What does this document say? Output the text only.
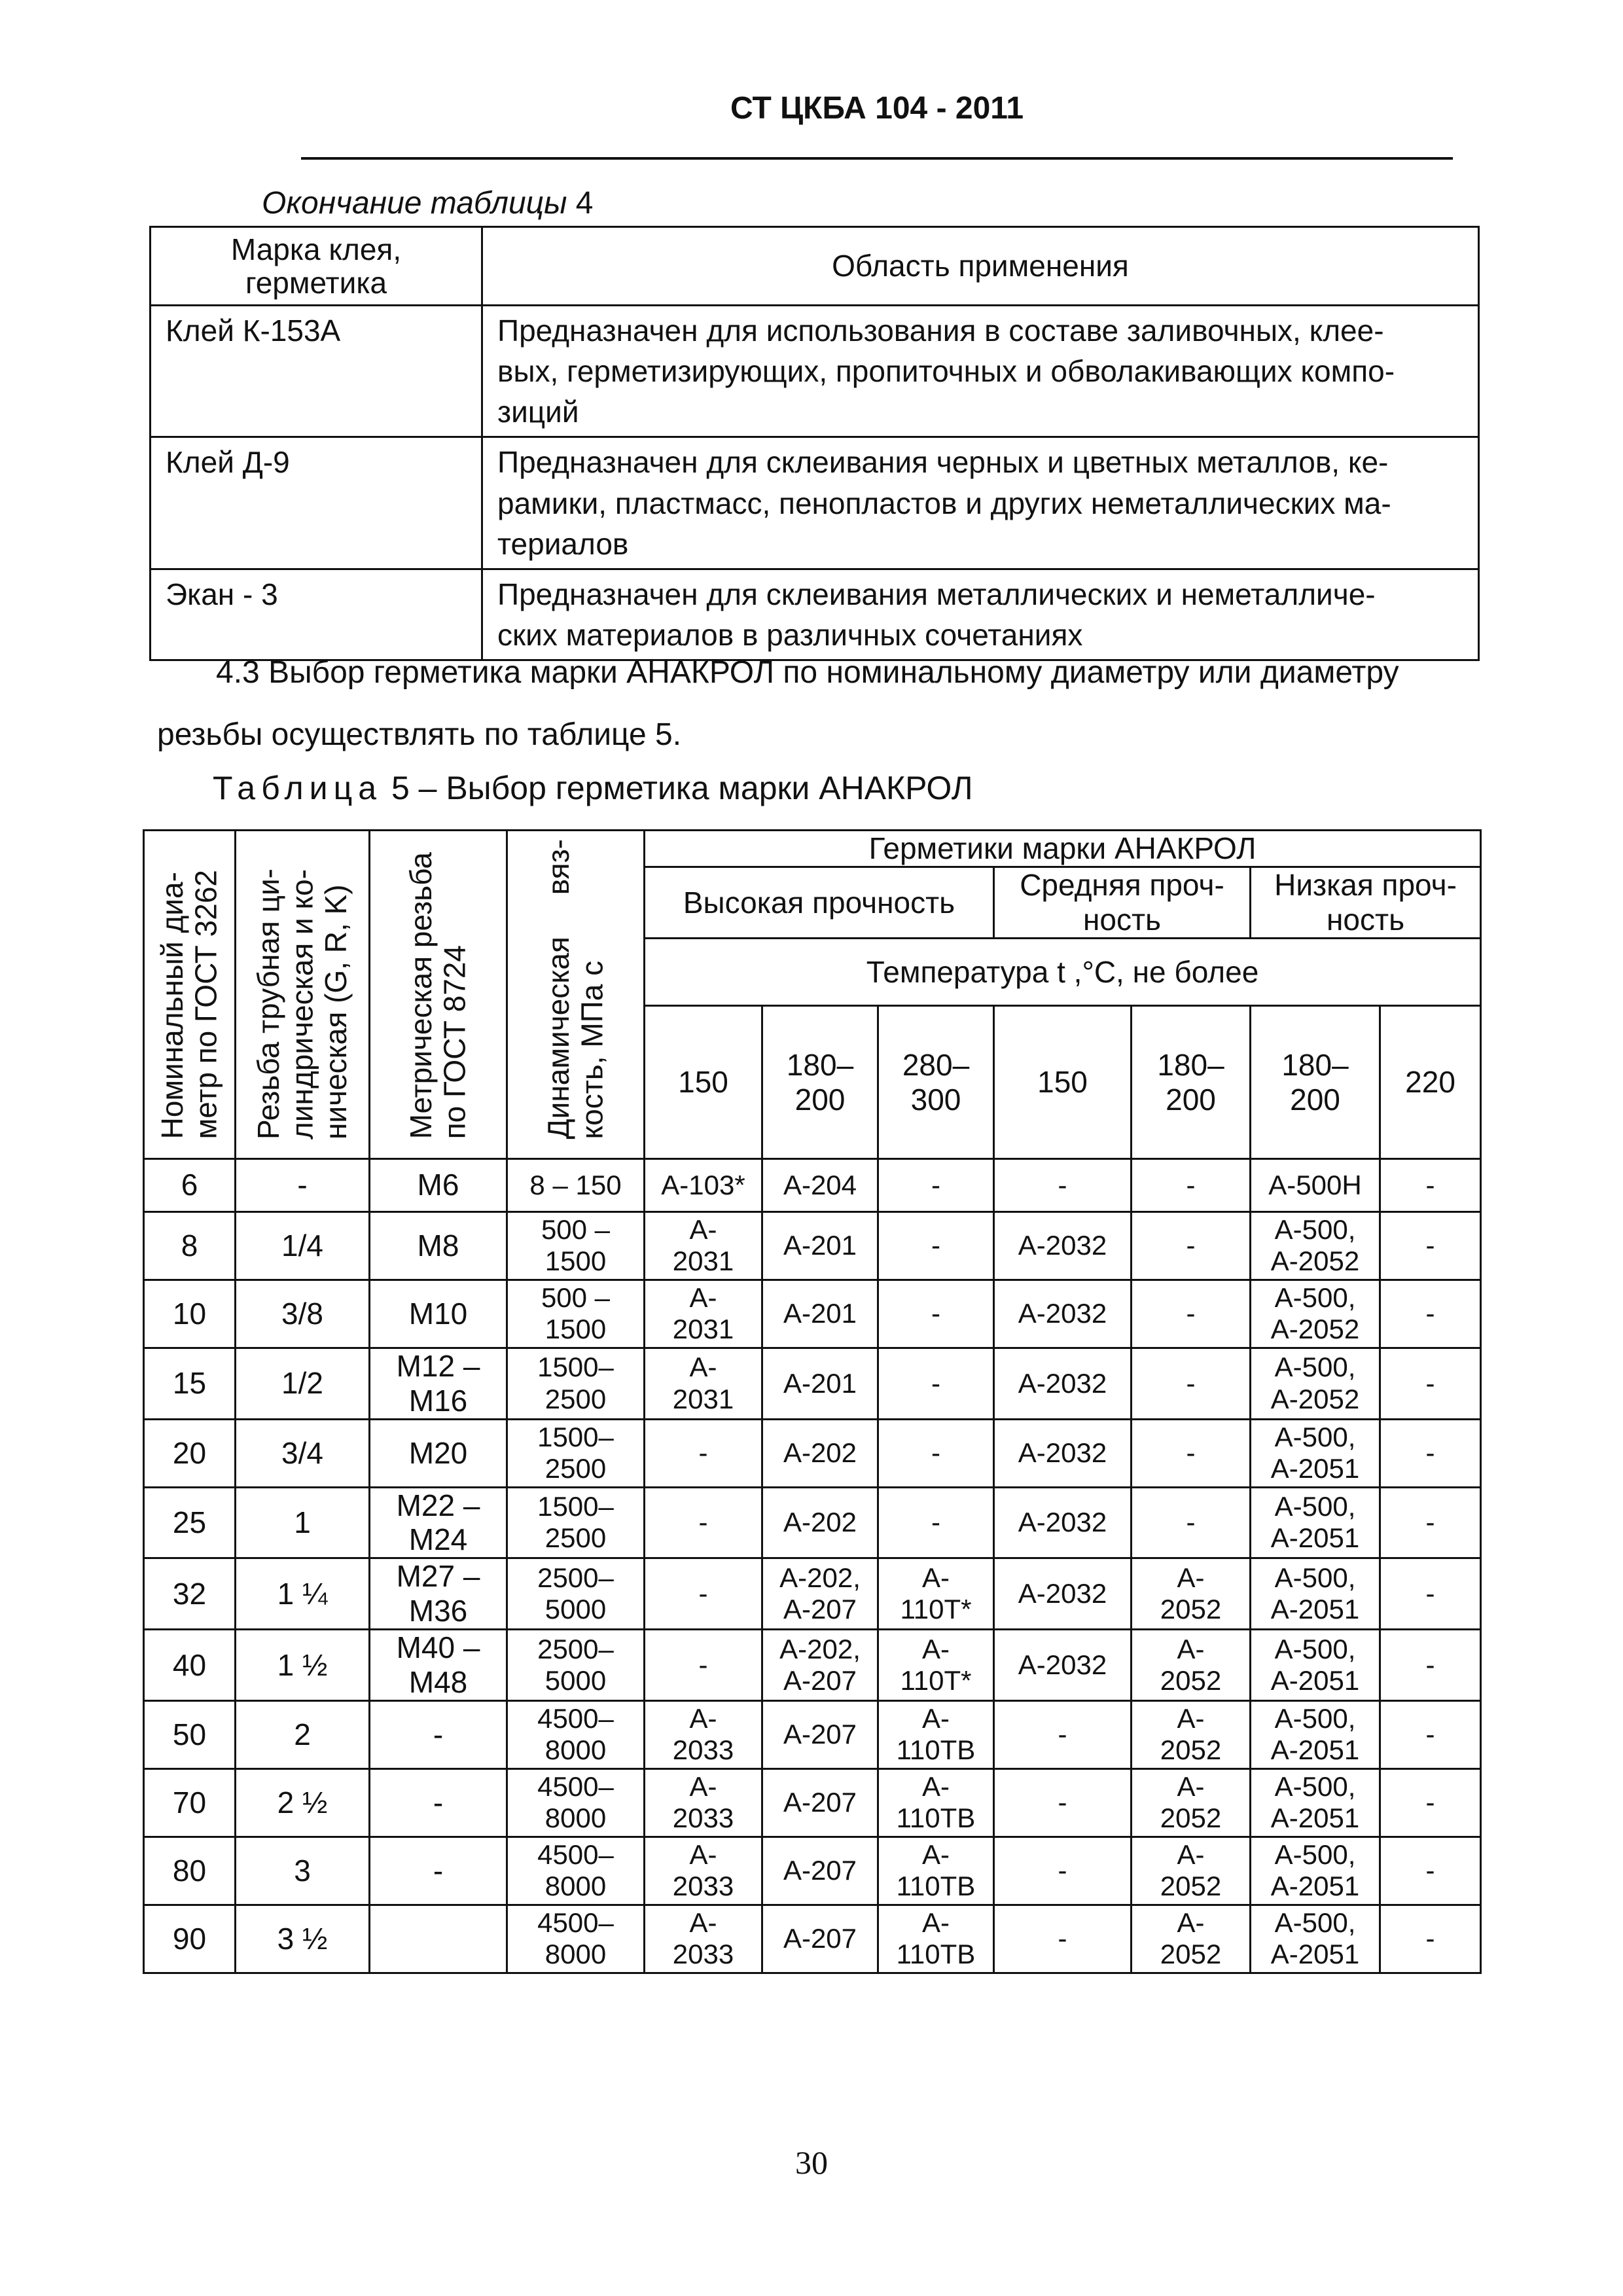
СТ ЦКБА 104 - 2011
Окончание таблицы 4
Марка клея,
герметика	Область применения
Клей К-153А	Предназначен для использования в составе заливочных, клее-
вых, герметизирующих, пропиточных и обволакивающих компо-
зиций
Клей Д-9	Предназначен для склеивания черных и цветных металлов, ке-
рамики, пластмасс, пенопластов и других неметаллических ма-
териалов
Экан - 3	Предназначен для склеивания металлических и неметалличе-
ских материалов в различных сочетаниях
4.3 Выбор герметика марки АНАКРОЛ по номинальному диаметру или диаметру
резьбы осуществлять по таблице 5.
Таблица 5 – Выбор герметика марки АНАКРОЛ
Номинальный диа-
метр по ГОСТ 3262	Резьба трубная ци-
линдрическая и ко-
ническая (G, R, K)	Метрическая резьба
по ГОСТ 8724	Динамическая     вяз-
кость, МПа с	Герметики марки АНАКРОЛ						
				Высокая прочность			Средняя проч-
ность		Низкая проч-
ность	
				Температура t ,°С, не более						
				150	180–
200	280–
300	150	180–
200	180–
200	220
6	-	M6	8 – 150	А-103*	А-204	-	-	-	А-500Н	-
8	1/4	M8	500 –
1500	А-
2031	А-201	-	А-2032	-	А-500,
А-2052	-
10	3/8	M10	500 –
1500	А-
2031	А-201	-	А-2032	-	А-500,
А-2052	-
15	1/2	M12 –
M16	1500–
2500	А-
2031	А-201	-	А-2032	-	А-500,
А-2052	-
20	3/4	M20	1500–
2500	-	А-202	-	А-2032	-	А-500,
А-2051	-
25	1	M22 –
M24	1500–
2500	-	А-202	-	А-2032	-	А-500,
А-2051	-
32	1 ¼	M27 –
M36	2500–
5000	-	А-202,
А-207	А-
110Т*	А-2032	А-
2052	А-500,
А-2051	-
40	1 ½	M40 –
M48	2500–
5000	-	А-202,
А-207	А-
110Т*	А-2032	А-
2052	А-500,
А-2051	-
50	2	-	4500–
8000	А-
2033	А-207	А-
110ТВ	-	А-
2052	А-500,
А-2051	-
70	2 ½	-	4500–
8000	А-
2033	А-207	А-
110ТВ	-	А-
2052	А-500,
А-2051	-
80	3	-	4500–
8000	А-
2033	А-207	А-
110ТВ	-	А-
2052	А-500,
А-2051	-
90	3 ½		4500–
8000	А-
2033	А-207	А-
110ТВ	-	А-
2052	А-500,
А-2051	-
30
